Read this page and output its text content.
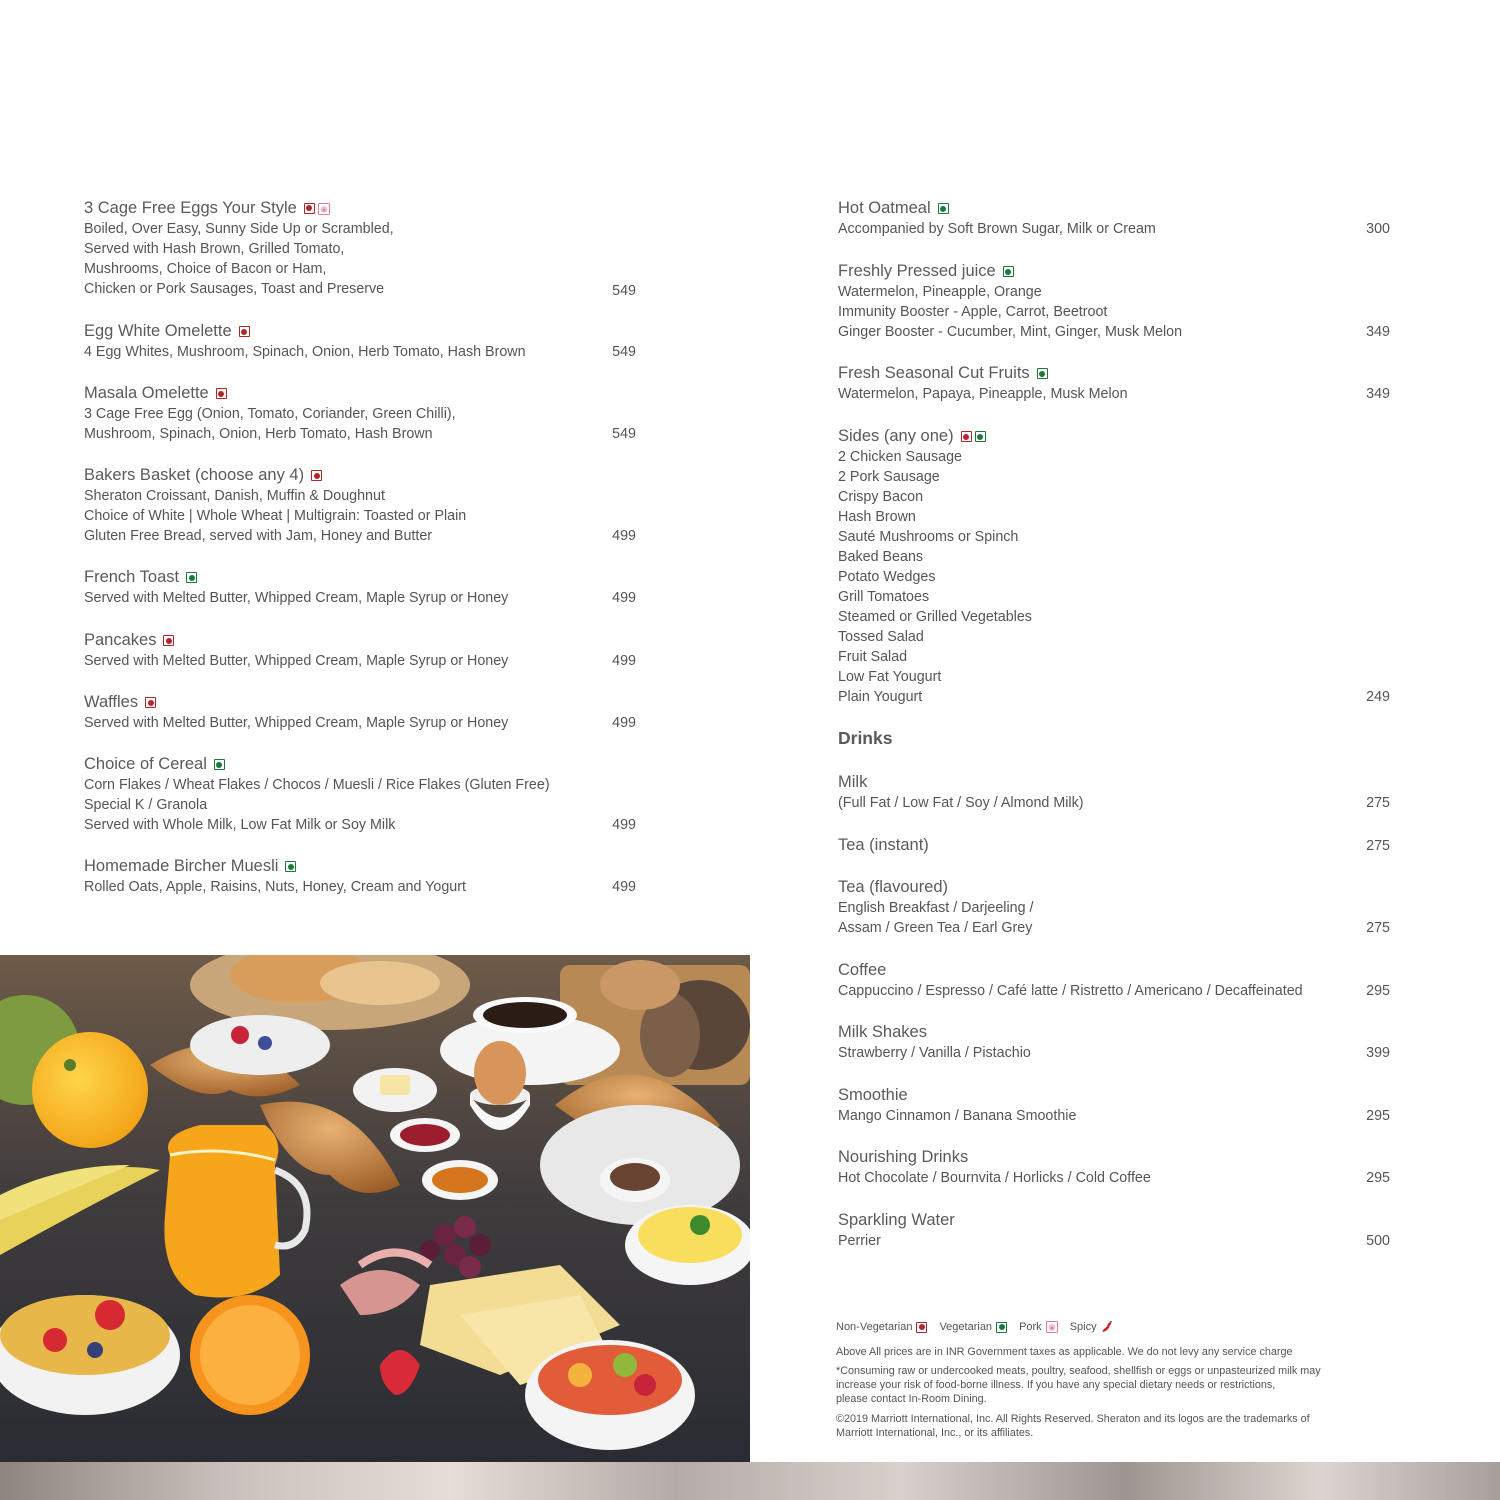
3 Cage Free Eggs Your Style
Boiled, Over Easy, Sunny Side Up or Scrambled,
Served with Hash Brown, Grilled Tomato,
Mushrooms, Choice of Bacon or Ham,
Chicken or Pork Sausages, Toast and Preserve	549
Egg White Omelette
4 Egg Whites, Mushroom, Spinach, Onion, Herb Tomato, Hash Brown	549
Masala Omelette
3 Cage Free Egg (Onion, Tomato, Coriander, Green Chilli),
Mushroom, Spinach, Onion, Herb Tomato, Hash Brown	549
Bakers Basket (choose any 4)
Sheraton Croissant, Danish, Muffin & Doughnut
Choice of White | Whole Wheat | Multigrain: Toasted or Plain
Gluten Free Bread, served with Jam, Honey and Butter	499
French Toast
Served with Melted Butter, Whipped Cream, Maple Syrup or Honey	499
Pancakes
Served with Melted Butter, Whipped Cream, Maple Syrup or Honey	499
Waffles
Served with Melted Butter, Whipped Cream, Maple Syrup or Honey	499
Choice of Cereal
Corn Flakes / Wheat Flakes / Chocos / Muesli / Rice Flakes (Gluten Free)
Special K / Granola
Served with Whole Milk, Low Fat Milk or Soy Milk	499
Homemade Bircher Muesli
Rolled Oats, Apple, Raisins, Nuts, Honey, Cream and Yogurt	499
Hot Oatmeal
Accompanied by Soft Brown Sugar, Milk or Cream	300
Freshly Pressed juice
Watermelon, Pineapple, Orange
Immunity Booster - Apple, Carrot, Beetroot
Ginger Booster - Cucumber, Mint, Ginger, Musk Melon	349
Fresh Seasonal Cut Fruits
Watermelon, Papaya, Pineapple, Musk Melon	349
Sides (any one)
2 Chicken Sausage
2 Pork Sausage
Crispy Bacon
Hash Brown
Sauté Mushrooms or Spinch
Baked Beans
Potato Wedges
Grill Tomatoes
Steamed or Grilled Vegetables
Tossed Salad
Fruit Salad
Low Fat Yougurt
Plain Yougurt	249
Drinks
Milk
(Full Fat / Low Fat / Soy / Almond Milk)	275
Tea (instant)	275
Tea (flavoured)
English Breakfast / Darjeeling /
Assam / Green Tea / Earl Grey	275
Coffee
Cappuccino / Espresso / Café latte / Ristretto / Americano / Decaffeinated	295
Milk Shakes
Strawberry / Vanilla / Pistachio	399
Smoothie
Mango Cinnamon / Banana Smoothie	295
Nourishing Drinks
Hot Chocolate / Bournvita / Horlicks / Cold Coffee	295
Sparkling Water
Perrier	500
Non-Vegetarian Vegetarian Pork	Spicy
Above All prices are in INR Government taxes as applicable. We do not levy any service charge
*Consuming raw or undercooked meats, poultry, seafood, shellfish or eggs or unpasteurized milk may
increase your risk of food-borne illness. If you have any special dietary needs or restrictions,
please contact In-Room Dining.
©2019 Marriott International, Inc. All Rights Reserved. Sheraton and its logos are the trademarks of
Marriott International, Inc., or its affiliates.
